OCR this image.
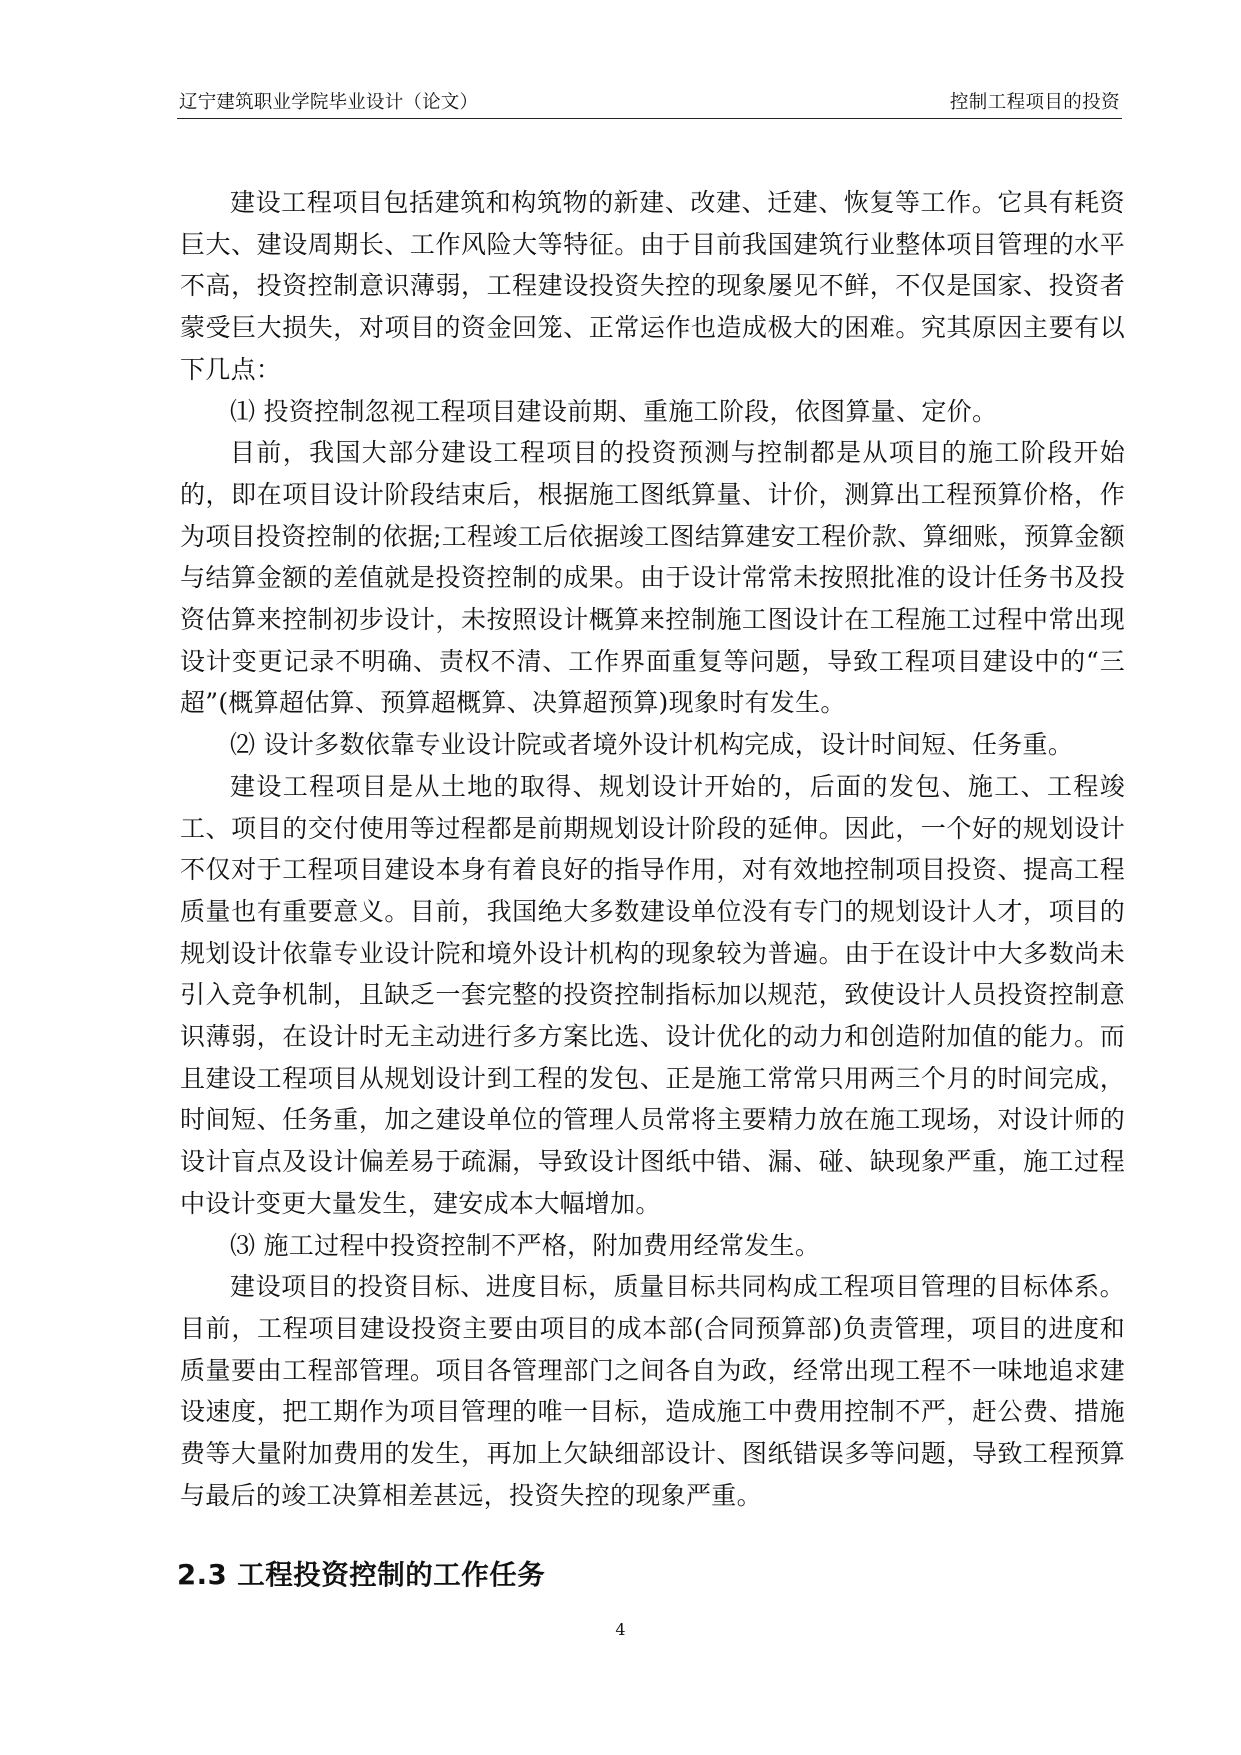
辽宁建筑职业学院毕业设计（论文）	控制工程项目的投资

建设工程项目包括建筑和构筑物的新建、改建、迁建、恢复等工作。它具有耗资巨大、建设周期长、工作风险大等特征。由于目前我国建筑行业整体项目管理的水平不高，投资控制意识薄弱，工程建设投资失控的现象屡见不鲜，不仅是国家、投资者蒙受巨大损失，对项目的资金回笼、正常运作也造成极大的困难。究其原因主要有以下几点：

⑴ 投资控制忽视工程项目建设前期、重施工阶段，依图算量、定价。

目前，我国大部分建设工程项目的投资预测与控制都是从项目的施工阶段开始的，即在项目设计阶段结束后，根据施工图纸算量、计价，测算出工程预算价格，作为项目投资控制的依据;工程竣工后依据竣工图结算建安工程价款、算细账，预算金额与结算金额的差值就是投资控制的成果。由于设计常常未按照批准的设计任务书及投资估算来控制初步设计，未按照设计概算来控制施工图设计在工程施工过程中常出现设计变更记录不明确、责权不清、工作界面重复等问题，导致工程项目建设中的“三超”(概算超估算、预算超概算、决算超预算)现象时有发生。

⑵ 设计多数依靠专业设计院或者境外设计机构完成，设计时间短、任务重。

建设工程项目是从土地的取得、规划设计开始的，后面的发包、施工、工程竣工、项目的交付使用等过程都是前期规划设计阶段的延伸。因此，一个好的规划设计不仅对于工程项目建设本身有着良好的指导作用，对有效地控制项目投资、提高工程质量也有重要意义。目前，我国绝大多数建设单位没有专门的规划设计人才，项目的规划设计依靠专业设计院和境外设计机构的现象较为普遍。由于在设计中大多数尚未引入竞争机制，且缺乏一套完整的投资控制指标加以规范，致使设计人员投资控制意识薄弱，在设计时无主动进行多方案比选、设计优化的动力和创造附加值的能力。而且建设工程项目从规划设计到工程的发包、正是施工常常只用两三个月的时间完成，时间短、任务重，加之建设单位的管理人员常将主要精力放在施工现场，对设计师的设计盲点及设计偏差易于疏漏，导致设计图纸中错、漏、碰、缺现象严重，施工过程中设计变更大量发生，建安成本大幅增加。

⑶ 施工过程中投资控制不严格，附加费用经常发生。

建设项目的投资目标、进度目标，质量目标共同构成工程项目管理的目标体系。目前，工程项目建设投资主要由项目的成本部(合同预算部)负责管理，项目的进度和质量要由工程部管理。项目各管理部门之间各自为政，经常出现工程不一味地追求建设速度，把工期作为项目管理的唯一目标，造成施工中费用控制不严，赶公费、措施费等大量附加费用的发生，再加上欠缺细部设计、图纸错误多等问题，导致工程预算与最后的竣工决算相差甚远，投资失控的现象严重。

2.3 工程投资控制的工作任务
4
